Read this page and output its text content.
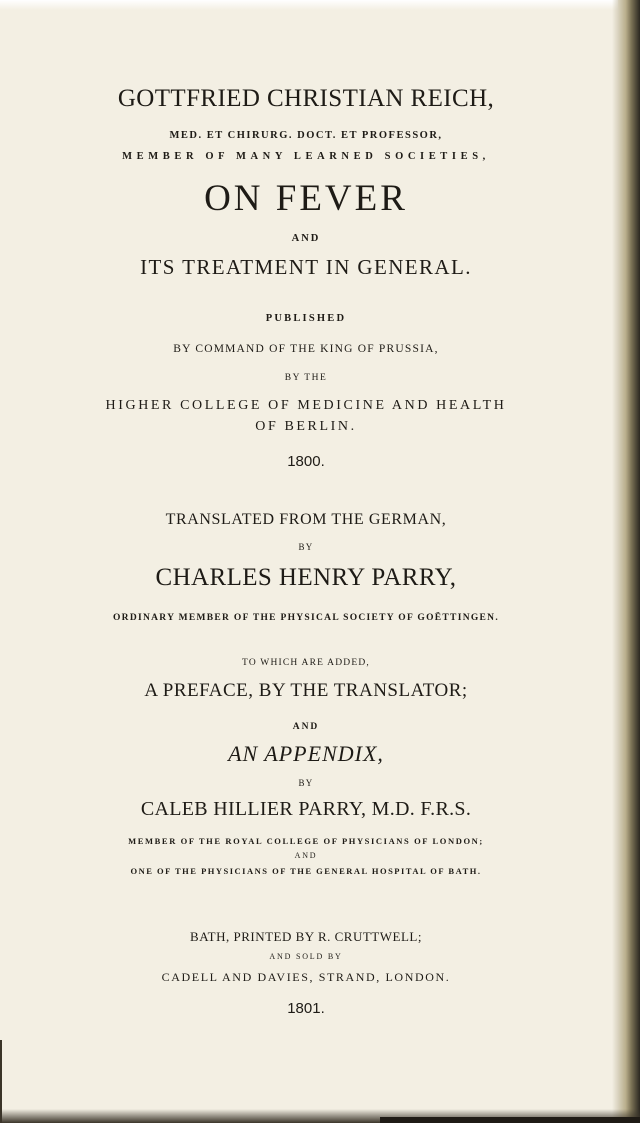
GOTTFRIED CHRISTIAN REICH,
MED. ET CHIRURG. DOCT. ET PROFESSOR,
MEMBER OF MANY LEARNED SOCIETIES,
ON FEVER
AND
ITS TREATMENT IN GENERAL.
PUBLISHED
BY COMMAND OF THE KING OF PRUSSIA,
BY THE
HIGHER COLLEGE OF MEDICINE AND HEALTH
OF BERLIN.
1800.
TRANSLATED FROM THE GERMAN,
BY
CHARLES HENRY PARRY,
ORDINARY MEMBER OF THE PHYSICAL SOCIETY OF GOËTTINGEN.
TO WHICH ARE ADDED,
A PREFACE, BY THE TRANSLATOR;
AND
AN APPENDIX,
BY
CALEB HILLIER PARRY, M.D. F.R.S.
MEMBER OF THE ROYAL COLLEGE OF PHYSICIANS OF LONDON;
AND
ONE OF THE PHYSICIANS OF THE GENERAL HOSPITAL OF BATH.
BATH, PRINTED BY R. CRUTTWELL;
AND SOLD BY
CADELL AND DAVIES, STRAND, LONDON.
1801.
